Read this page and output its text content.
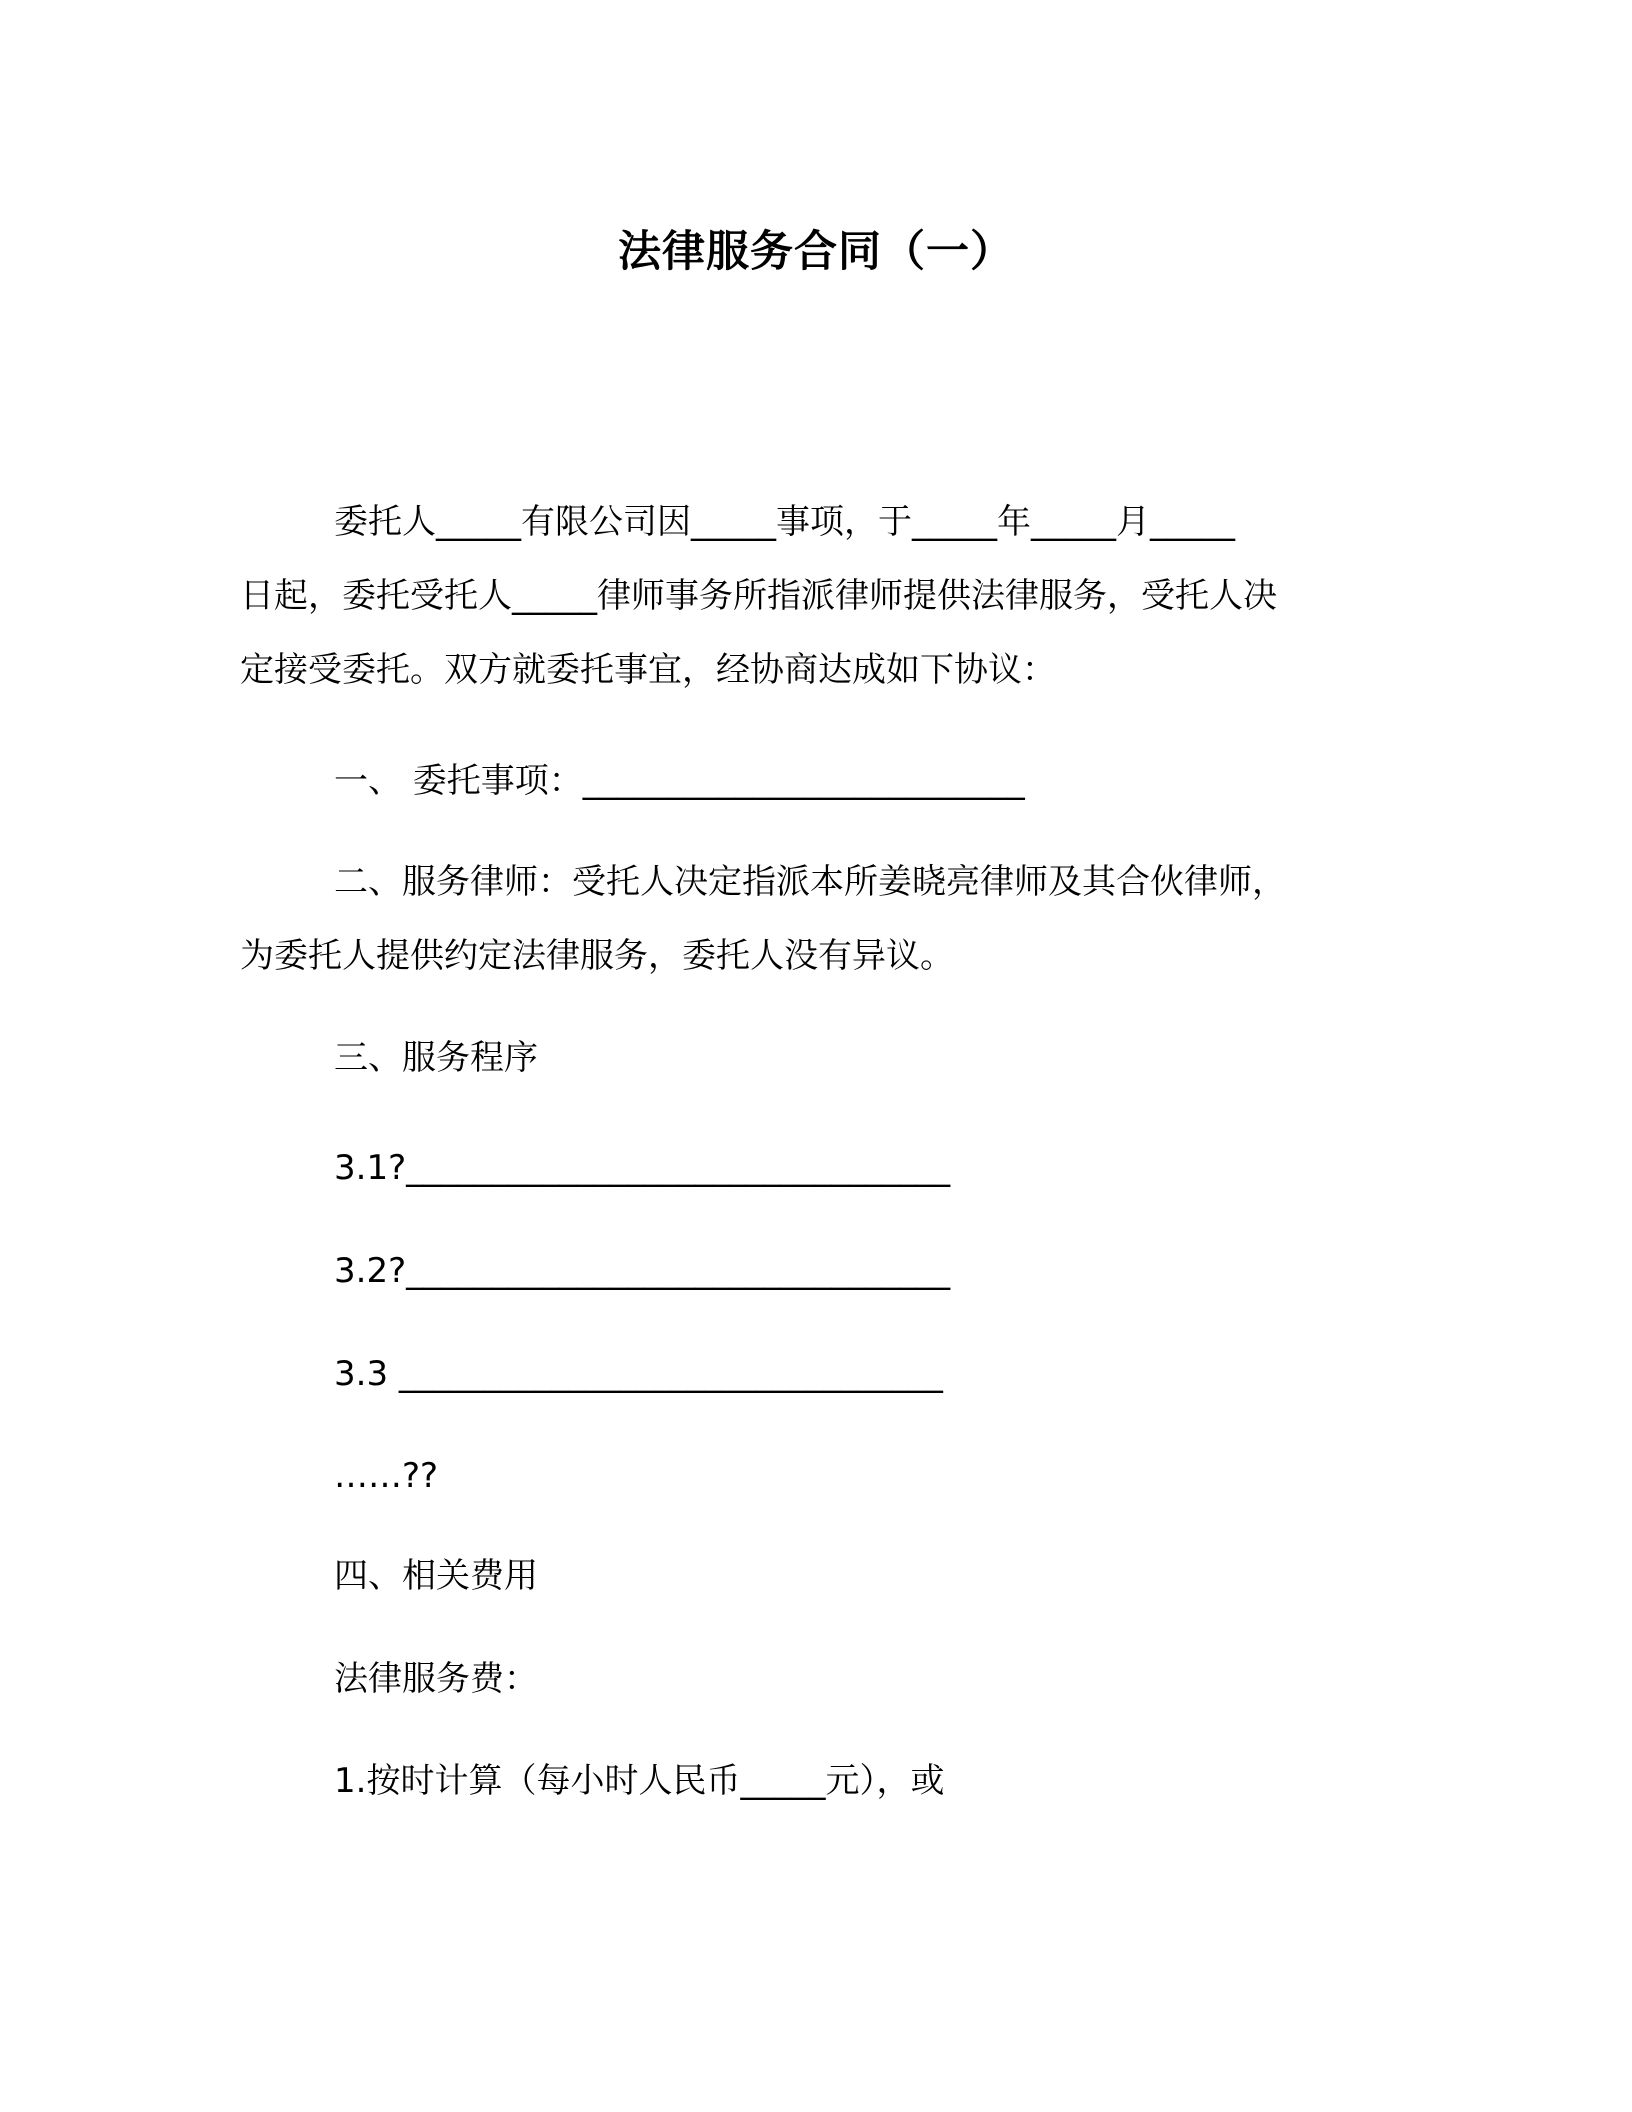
法律服务合同（一）
委托人_____有限公司因_____事项，于_____年_____月_____
日起，委托受托人_____律师事务所指派律师提供法律服务，受托人决
定接受委托。双方就委托事宜，经协商达成如下协议：
一、 委托事项：__________________________
二、服务律师：受托人决定指派本所姜晓亮律师及其合伙律师，
为委托人提供约定法律服务，委托人没有异议。
三、服务程序
3.1?________________________________
3.2?________________________________
3.3 ________________________________
……??
四、相关费用
法律服务费：
1.按时计算（每小时人民币_____元），或
